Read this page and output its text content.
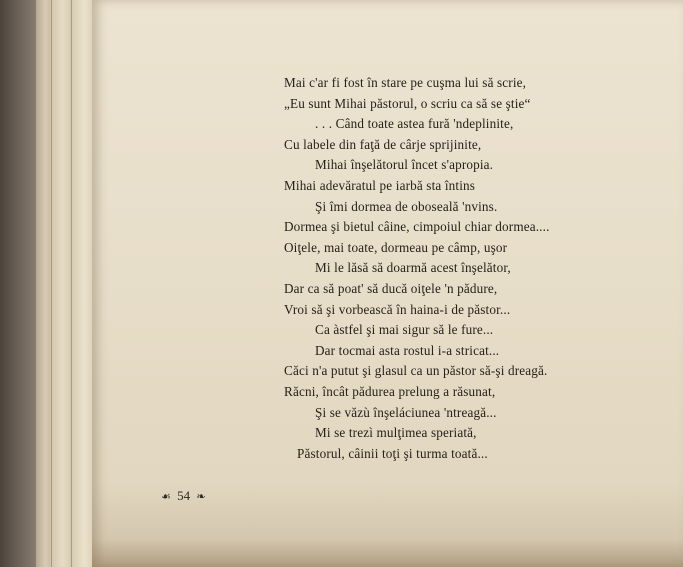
Mai c'ar fi fost în stare pe cuşma lui să scrie,
„Eu sunt Mihai păstorul, o scriu ca să se ştie“
. . . Când toate astea fură 'ndeplinite,
Cu labele din faţă de cârje sprijinite,
Mihai înşelătorul încet s'apropia.
Mihai adevăratul pe iarbă sta întins
Şi îmi dormea de oboseală 'nvins.
Dormea şi bietul câine, cimpoiul chiar dormea....
Oiţele, mai toate, dormeau pe câmp, uşor
Mi le lăsă să doarmă acest înşelător,
Dar ca să poat' să ducă oiţele 'n pădure,
Vroi să şi vorbească în haina-i de păstor...
Ca àstfel şi mai sigur să le fure...
Dar tocmai asta rostul i-a stricat...
Căci n'a putut şi glasul ca un păstor să-şi dreagă.
Răcni, încât pădurea prelung a răsunat,
Şi se văzù înşeláciunea 'ntreagă...
Mi se trezì mulţimea speriată,
Păstorul, câinii toţi şi turma toată...
☙ 54 ❧
